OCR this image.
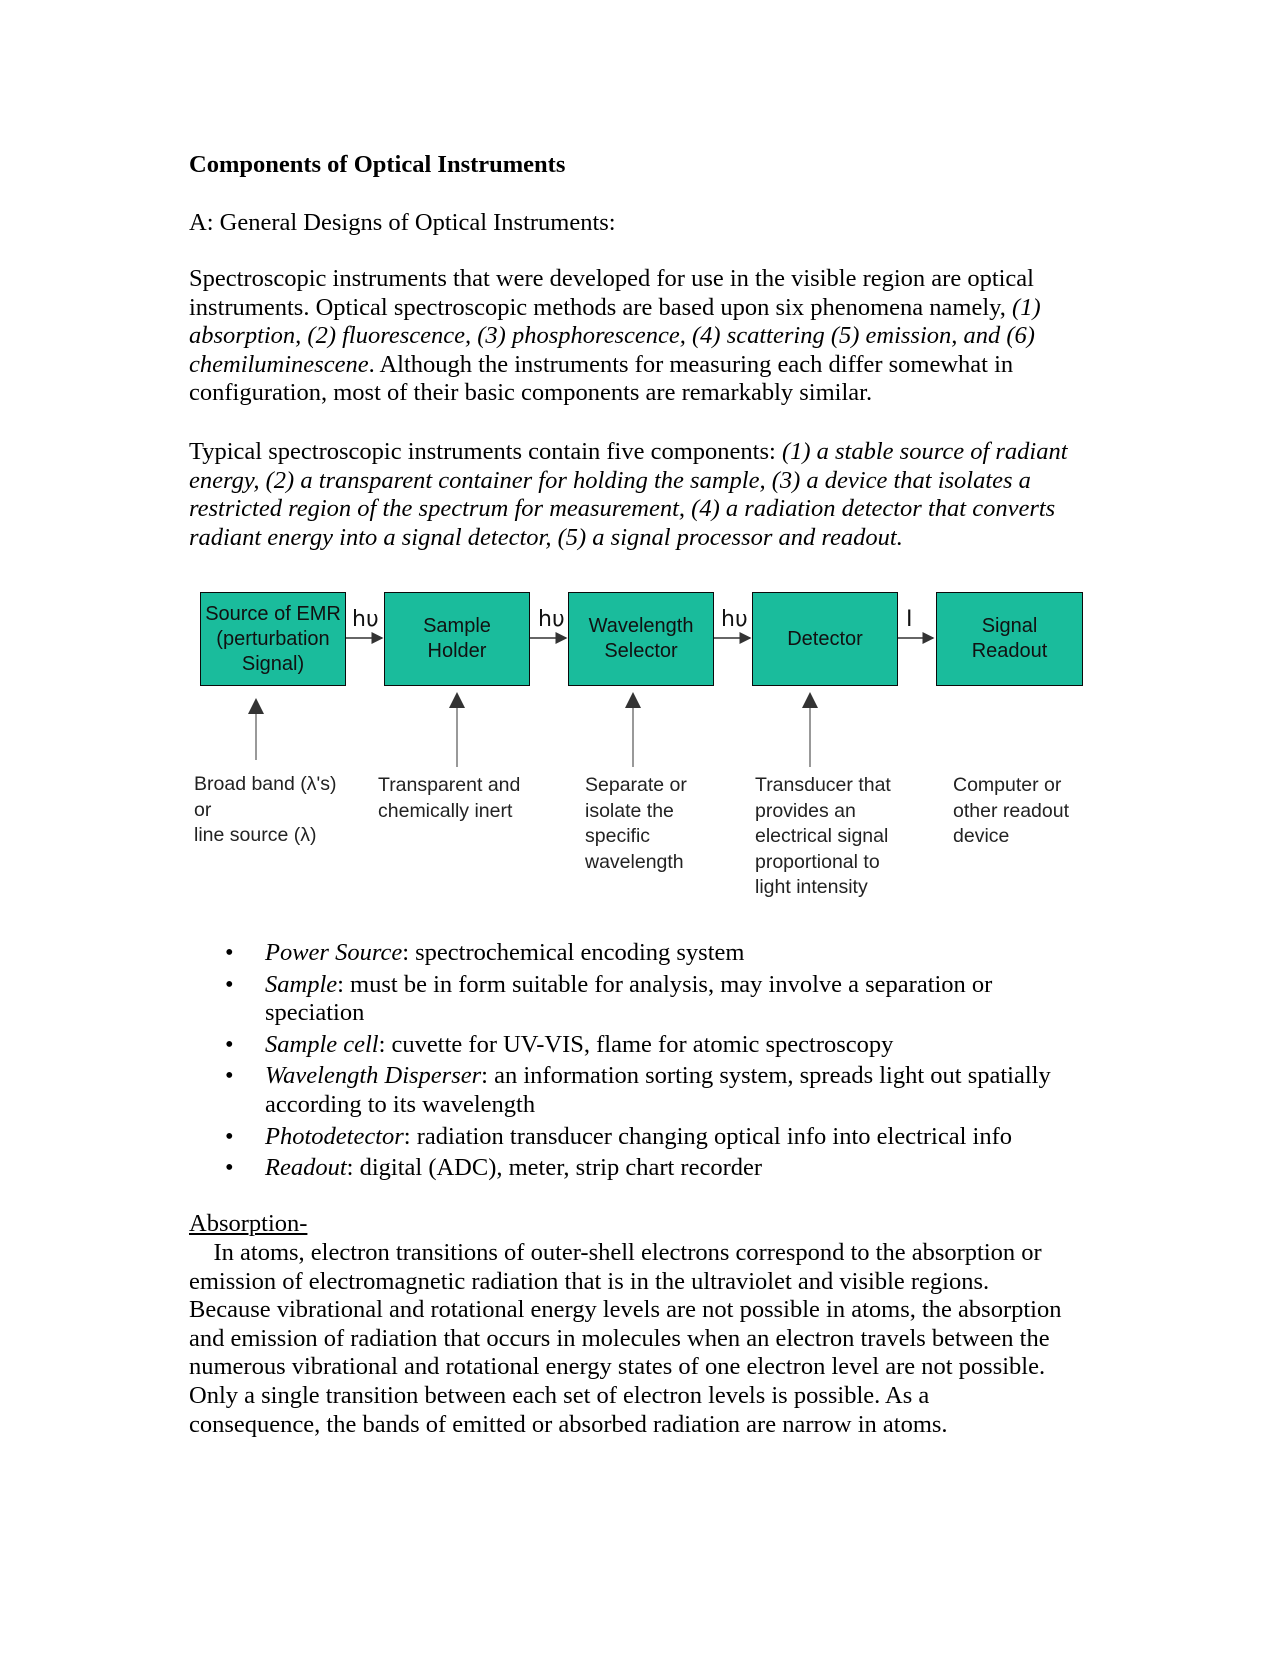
Components of Optical Instruments
A: General Designs of Optical Instruments:
Spectroscopic instruments that were developed for use in the visible region are optical
instruments. Optical spectroscopic methods are based upon six phenomena namely, (1)
absorption, (2) fluorescence, (3) phosphorescence, (4) scattering (5) emission, and (6)
chemiluminescene. Although the instruments for measuring each differ somewhat in
configuration, most of their basic components are remarkably similar.
Typical spectroscopic instruments contain five components: (1) a stable source of radiant
energy, (2) a transparent container for holding the sample, (3) a device that isolates a
restricted region of the spectrum for measurement, (4) a radiation detector that converts
radiant energy into a signal detector, (5) a signal processor and readout.
Source of EMR
(perturbation
Signal)
Sample
Holder
Wavelength
Selector
Detector
Signal
Readout
hυ	hυ	hυ	I
Broad band (λ's)
or
line source (λ)
Transparent and
chemically inert
Separate or
isolate the
specific
wavelength
Transducer that
provides an
electrical signal
proportional to
light intensity
Computer or
other readout
device
• Power Source: spectrochemical encoding system
• Sample: must be in form suitable for analysis, may involve a separation or
speciation
• Sample cell: cuvette for UV-VIS, flame for atomic spectroscopy
• Wavelength Disperser: an information sorting system, spreads light out spatially
according to its wavelength
• Photodetector: radiation transducer changing optical info into electrical info
• Readout: digital (ADC), meter, strip chart recorder
Absorption-
In atoms, electron transitions of outer-shell electrons correspond to the absorption or
emission of electromagnetic radiation that is in the ultraviolet and visible regions.
Because vibrational and rotational energy levels are not possible in atoms, the absorption
and emission of radiation that occurs in molecules when an electron travels between the
numerous vibrational and rotational energy states of one electron level are not possible.
Only a single transition between each set of electron levels is possible. As a
consequence, the bands of emitted or absorbed radiation are narrow in atoms.
